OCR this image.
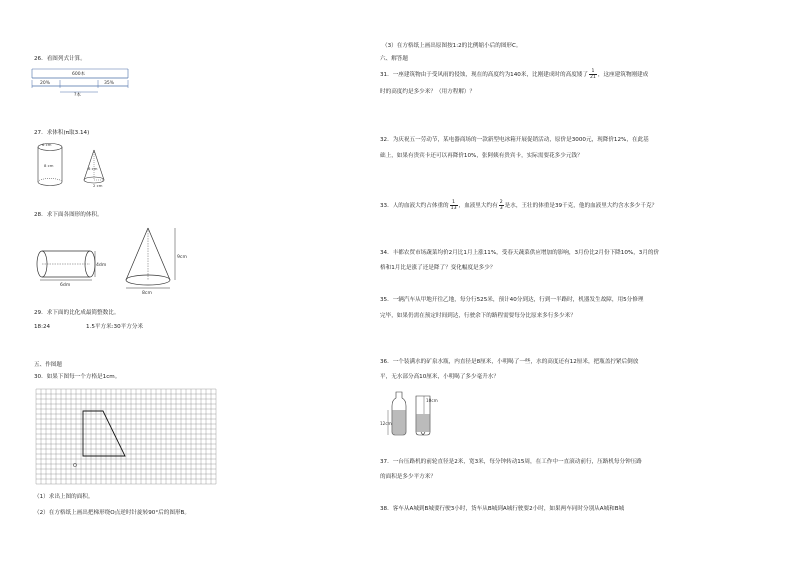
26．看图列式计算。
600本
20%	35%
?本
27．求体积(π取3.14)
6 cm
8 cm
6 cm
2 cm
28．求下面各图形的体积。
6dm
4dm
9cm
8cm
29．求下面的比化成最简整数比。
18:24	1.5平方米:30平方分米
五、作图题
30．如果下图每一个方格是1cm。
O
（1）求出上图的面积。
（2）在方格纸上画出把梯形绕O点逆时针旋转90°后的图形B。
（3）在方格纸上画出原图按1:2的比例缩小后的图形C。
六、解答题
31．一座建筑物由于受风雨的侵蚀，现在的高度约为140米，比刚建成时的高度矮了 $\frac{1}{21}$ ，这座建筑物刚建成
时的高度约是多少米？（用方程解）？
32．为庆祝五一劳动节，某电器商场的一款新型电冰箱开展促销活动，原价是3000元，现降价12%，在此基
础上，如果有贵宾卡还可以再降价10%，张阿姨有贵宾卡，实际需要花多少元钱？
33．人的血液大约占体重的 $\frac{1}{13}$ ，血液里大约有 $\frac{2}{3}$ 是水，王壮的体重是39千克，他的血液里大约含水多少千克？
34．丰都农贸市场蔬菜均价2月比1月上涨11%，受春天蔬菜供应增加的影响，3月份比2月份下降10%，3月的价
格和1月比是涨了还是降了？变化幅度是多少？
35．一辆汽车从甲地开往乙地，每分行525米，预计40分到达，行到一半路时，机器发生故障，用5分修理
完毕，如果仍需在预定时间到达，行驶余下的路程需要每分比原来多行多少米？
36．一个装满水的矿泉水瓶，内直径是8厘米，小明喝了一些，水的高度还有12厘米，把瓶盖拧紧后倒放
平，无水部分高10厘米，小明喝了多少毫升水？
12cm
10cm
37．一台压路机的前轮直径是2米，宽3米，每分钟转动15周，在工作中一直滚动前行，压路机每分钟压路
的面积是多少平方米？
38．客车从A城到B城要行驶3小时，货车从B城到A城行驶要2小时，如果两车同时分别从A城和B城
